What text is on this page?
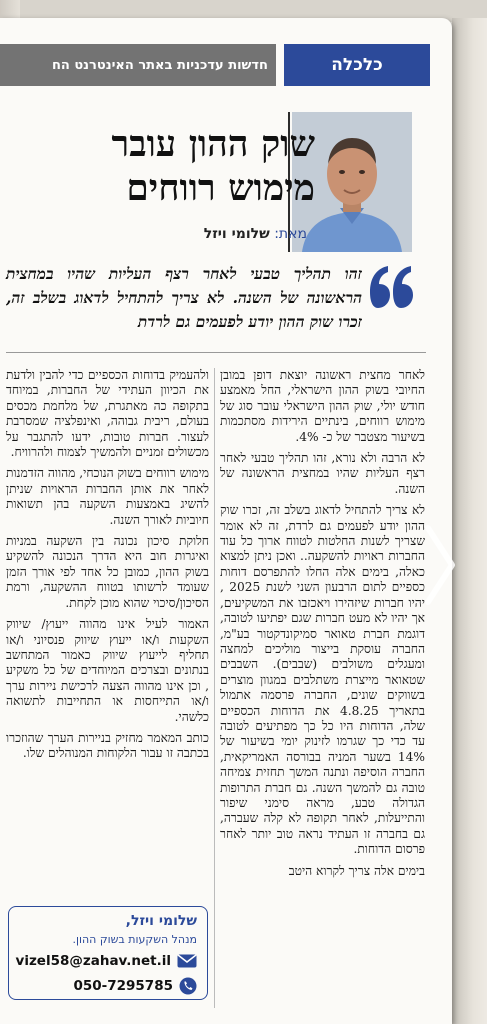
כלכלה
חדשות עדכניות באתר האינטרנט הח
שוק ההון עובר
מימוש רווחים
מאת: שלומי ויזל
זהו תהליך טבעי לאחר רצף העליות שהיו במחצית הראשונה של השנה. לא צריך להתחיל לדאוג בשלב זה, זכרו שוק ההון יודע לפעמים גם לרדת

לאחר מחצית ראשונה יוצאת דופן במובן החיובי בשוק ההון הישראלי, החל מאמצע חודש יולי, שוק ההון הישראלי עובר סוג של מימוש רווחים, בינתיים הירידות מסתכמות בשיעור מצטבר של כ- 4%.

לא הרבה ולא נורא, זהו תהליך טבעי לאחר רצף העליות שהיו במחצית הראשונה של השנה.

לא צריך להתחיל לדאוג בשלב זה, זכרו שוק ההון יודע לפעמים גם לרדת, זה לא אומר שצריך לשנות החלטות לטווח ארוך כל עוד החברות ראויות להשקעה.. ואכן ניתן למצוא כאלה, בימים אלה החלו להתפרסם דוחות כספיים לתום הרבעון השני לשנת 2025 , יהיו חברות שיזהירו ויאכזבו את המשקיעים, אך יהיו לא מעט חברות שגם יפתיעו לטובה, דוגמת חברת טאואר סמיקונדקטור בע"מ, החברה עוסקת בייצור מוליכים למחצה ומעגלים משולבים (שבבים). השבבים שטאואר מייצרת משתלבים במגוון מוצרים בשווקים שונים, החברה פרסמה אתמול בתאריך 4.8.25 את הדוחות הכספיים שלה, הדוחות היו כל כך מפתיעים לטובה עד כדי כך שגרמו לזינוק יומי בשיעור של 14% בשער המניה בבורסה האמריקאית, החברה הוסיפה ונתנה המשך תחזית צמיחה טובה גם להמשך השנה. גם חברת התרופות הגדולה טבע, מראה סימני שיפור והתייעלות, לאחר תקופה לא קלה שעברה, גם בחברה זו העתיד נראה טוב יותר לאחר פרסום הדוחות.

בימים אלה צריך לקרוא היטב

ולהעמיק בדוחות הכספיים כדי להבין ולדעת את הכיוון העתידי של החברות, במיוחד בתקופה כה מאתגרת, של מלחמת מכסים בעולם, ריבית גבוהה, ואינפלציה שמסרבת לעצור. חברות טובות, ידעו להתגבר על מכשולים זמניים ולהמשיך לצמוח ולהרוויח.

מימוש רווחים בשוק הנוכחי, מהווה הזדמנות לאחר את אותן החברות הראויות שניתן להשיג באמצעות השקעה בהן תשואות חיוביות לאורך השנה.

חלוקת סיכון נכונה בין השקעה במניות ואיגרות חוב היא הדרך הנכונה להשקיע בשוק ההון, כמובן כל אחד לפי אורך הזמן שעומד לרשותו בטווח ההשקעה, ורמת הסיכון/סיכוי שהוא מוכן לקחת.

האמור לעיל אינו מהווה ייעוץ/ שיווק השקעות ו/או ייעוץ שיווק פנסיוני ו/או תחליף לייעוץ שיווק כאמור המתחשב בנתונים ובצרכים המיוחדים של כל משקיע , וכן אינו מהווה הצעה לרכישת ניירות ערך ו/או התייחסות או התחייבות לתשואה כלשהי.

כותב המאמר מחזיק בניירות הערך שהוזכרו בכתבה זו עבור הלקוחות המנוהלים שלו.

שלומי ויזל,
מנהל השקעות בשוק ההון.
vizel58@zahav.net.il
050-7295785
